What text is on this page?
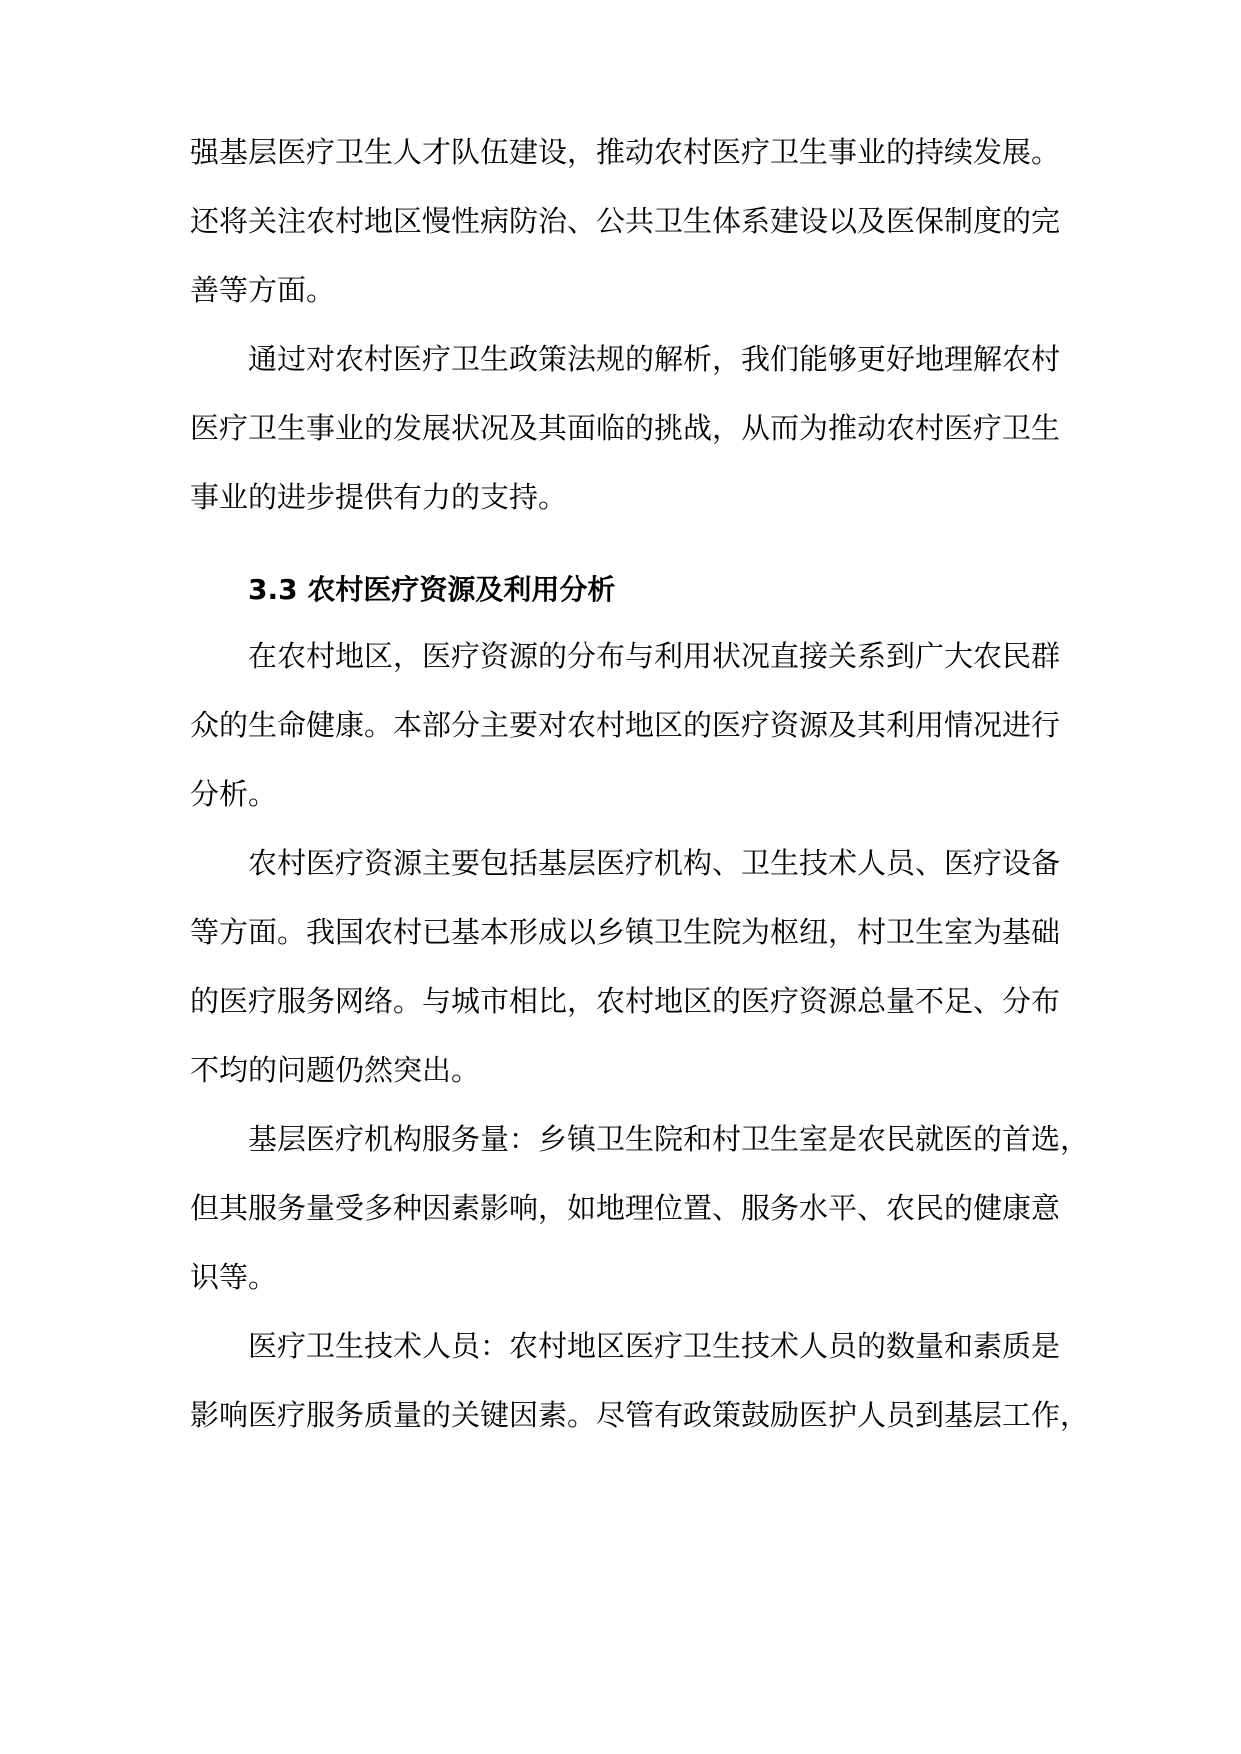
强基层医疗卫生人才队伍建设，推动农村医疗卫生事业的持续发展。
还将关注农村地区慢性病防治、公共卫生体系建设以及医保制度的完
善等方面。
通过对农村医疗卫生政策法规的解析，我们能够更好地理解农村
医疗卫生事业的发展状况及其面临的挑战，从而为推动农村医疗卫生
事业的进步提供有力的支持。
3.3 农村医疗资源及利用分析
在农村地区，医疗资源的分布与利用状况直接关系到广大农民群
众的生命健康。本部分主要对农村地区的医疗资源及其利用情况进行
分析。
农村医疗资源主要包括基层医疗机构、卫生技术人员、医疗设备
等方面。我国农村已基本形成以乡镇卫生院为枢纽，村卫生室为基础
的医疗服务网络。与城市相比，农村地区的医疗资源总量不足、分布
不均的问题仍然突出。
基层医疗机构服务量：乡镇卫生院和村卫生室是农民就医的首选，
但其服务量受多种因素影响，如地理位置、服务水平、农民的健康意
识等。
医疗卫生技术人员：农村地区医疗卫生技术人员的数量和素质是
影响医疗服务质量的关键因素。尽管有政策鼓励医护人员到基层工作，
